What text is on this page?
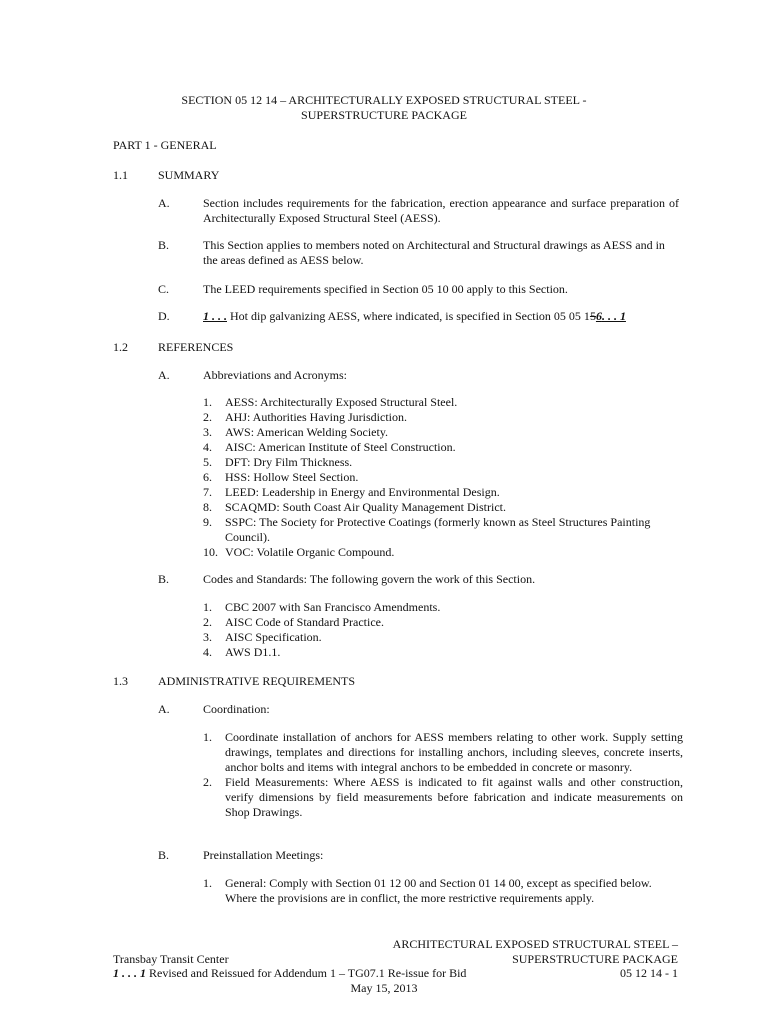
SECTION 05 12 14 – ARCHITECTURALLY EXPOSED STRUCTURAL STEEL -
SUPERSTRUCTURE PACKAGE
PART 1 - GENERAL
1.1	SUMMARY
A.	Section includes requirements for the fabrication, erection appearance and surface preparation of Architecturally Exposed Structural Steel (AESS).
B.	This Section applies to members noted on Architectural and Structural drawings as AESS and in the areas defined as AESS below.
C.	The LEED requirements specified in Section 05 10 00 apply to this Section.
D.	1 . . . Hot dip galvanizing AESS, where indicated, is specified in Section 05 05 156. . . 1
1.2	REFERENCES
A.	Abbreviations and Acronyms:
1.	AESS: Architecturally Exposed Structural Steel.
2.	AHJ: Authorities Having Jurisdiction.
3.	AWS: American Welding Society.
4.	AISC: American Institute of Steel Construction.
5.	DFT: Dry Film Thickness.
6.	HSS: Hollow Steel Section.
7.	LEED: Leadership in Energy and Environmental Design.
8.	SCAQMD: South Coast Air Quality Management District.
9.	SSPC: The Society for Protective Coatings (formerly known as Steel Structures Painting Council).
10. VOC: Volatile Organic Compound.
B.	Codes and Standards: The following govern the work of this Section.
1.	CBC 2007 with San Francisco Amendments.
2.	AISC Code of Standard Practice.
3.	AISC Specification.
4.	AWS D1.1.
1.3	ADMINISTRATIVE REQUIREMENTS
A.	Coordination:
1.	Coordinate installation of anchors for AESS members relating to other work. Supply setting drawings, templates and directions for installing anchors, including sleeves, concrete inserts, anchor bolts and items with integral anchors to be embedded in concrete or masonry.
2.	Field Measurements: Where AESS is indicated to fit against walls and other construction, verify dimensions by field measurements before fabrication and indicate measurements on Shop Drawings.
B.	Preinstallation Meetings:
1.	General: Comply with Section 01 12 00 and Section 01 14 00, except as specified below. Where the provisions are in conflict, the more restrictive requirements apply.
ARCHITECTURAL EXPOSED STRUCTURAL STEEL –
Transbay Transit Center	SUPERSTRUCTURE PACKAGE
1 . . . 1 Revised and Reissued for Addendum 1 – TG07.1 Re-issue for Bid	05 12 14 - 1
May 15, 2013
